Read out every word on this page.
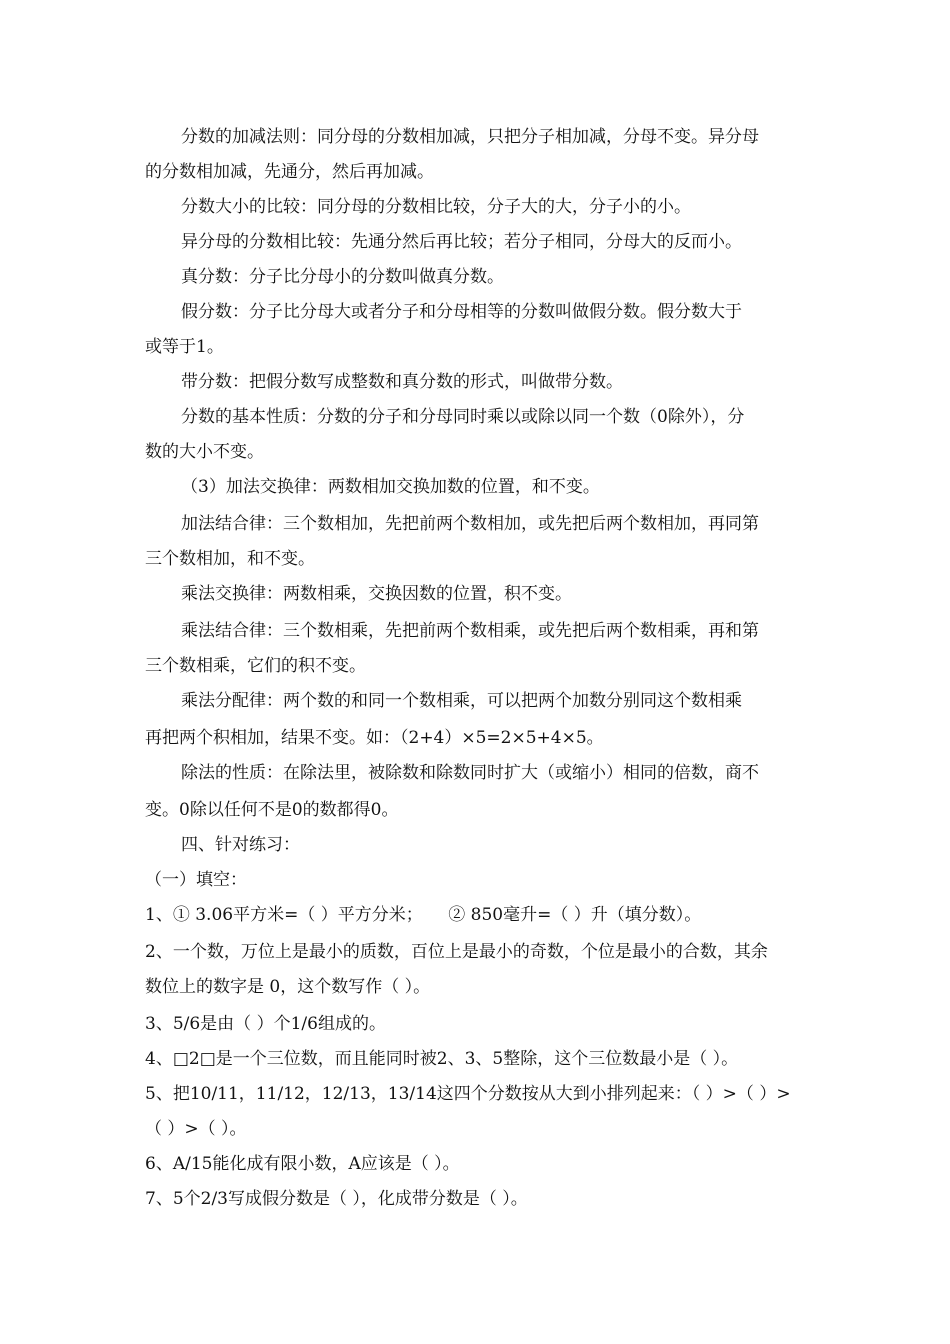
分数的加减法则：同分母的分数相加减，只把分子相加减，分母不变。异分母
的分数相加减，先通分，然后再加减。
分数大小的比较：同分母的分数相比较，分子大的大，分子小的小。
异分母的分数相比较：先通分然后再比较；若分子相同，分母大的反而小。
真分数：分子比分母小的分数叫做真分数。
假分数：分子比分母大或者分子和分母相等的分数叫做假分数。假分数大于
或等于1。
带分数：把假分数写成整数和真分数的形式，叫做带分数。
分数的基本性质：分数的分子和分母同时乘以或除以同一个数（0除外），分
数的大小不变。
（3）加法交换律：两数相加交换加数的位置，和不变。
加法结合律：三个数相加，先把前两个数相加，或先把后两个数相加，再同第
三个数相加，和不变。
乘法交换律：两数相乘，交换因数的位置，积不变。
乘法结合律：三个数相乘，先把前两个数相乘，或先把后两个数相乘，再和第
三个数相乘，它们的积不变。
乘法分配律：两个数的和同一个数相乘，可以把两个加数分别同这个数相乘
再把两个积相加，结果不变。如：（2+4）×5=2×5+4×5。
除法的性质：在除法里，被除数和除数同时扩大（或缩小）相同的倍数，商不
变。0除以任何不是0的数都得0。
四、针对练习：
（一）填空：
1、① 3.06平方米=（ ）平方分米；　　② 850毫升=（ ）升（填分数）。
2、一个数，万位上是最小的质数，百位上是最小的奇数，个位是最小的合数，其余
数位上的数字是 0，这个数写作（ ）。
3、5/6是由（ ）个1/6组成的。
4、□2□是一个三位数，而且能同时被2、3、5整除，这个三位数最小是（ ）。
5、把10/11，11/12，12/13，13/14这四个分数按从大到小排列起来：（ ）>（ ）>
（ ）>（ ）。
6、A/15能化成有限小数，A应该是（ ）。
7、5个2/3写成假分数是（ ），化成带分数是（ ）。
